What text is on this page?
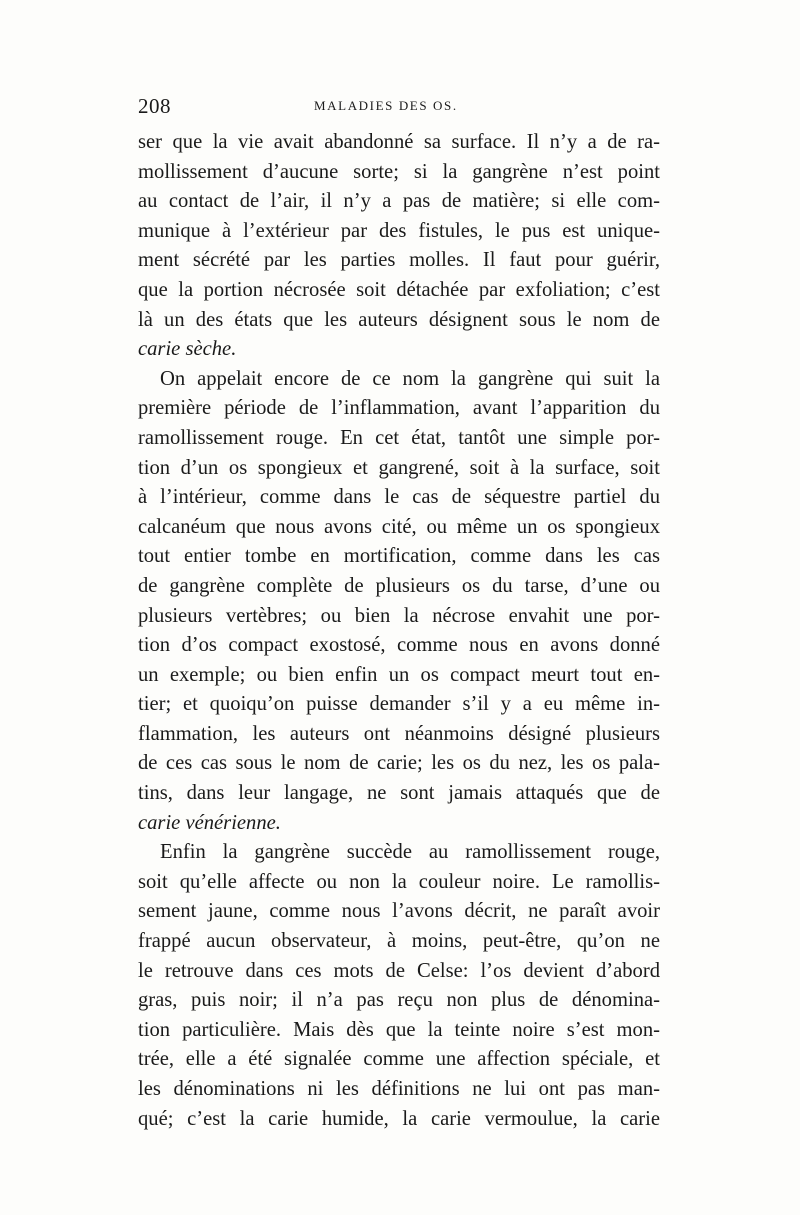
208	MALADIES DES OS.

ser que la vie avait abandonné sa surface. Il n’y a de ra-
mollissement d’aucune sorte; si la gangrène n’est point
au contact de l’air, il n’y a pas de matière; si elle com-
munique à l’extérieur par des fistules, le pus est unique-
ment sécrété par les parties molles. Il faut pour guérir,
que la portion nécrosée soit détachée par exfoliation; c’est
là un des états que les auteurs désignent sous le nom de
carie sèche.

On appelait encore de ce nom la gangrène qui suit la
première période de l’inflammation, avant l’apparition du
ramollissement rouge. En cet état, tantôt une simple por-
tion d’un os spongieux et gangrené, soit à la surface, soit
à l’intérieur, comme dans le cas de séquestre partiel du
calcanéum que nous avons cité, ou même un os spongieux
tout entier tombe en mortification, comme dans les cas
de gangrène complète de plusieurs os du tarse, d’une ou
plusieurs vertèbres; ou bien la nécrose envahit une por-
tion d’os compact exostosé, comme nous en avons donné
un exemple; ou bien enfin un os compact meurt tout en-
tier; et quoiqu’on puisse demander s’il y a eu même in-
flammation, les auteurs ont néanmoins désigné plusieurs
de ces cas sous le nom de carie; les os du nez, les os pala-
tins, dans leur langage, ne sont jamais attaqués que de
carie vénérienne.

Enfin la gangrène succède au ramollissement rouge,
soit qu’elle affecte ou non la couleur noire. Le ramollis-
sement jaune, comme nous l’avons décrit, ne paraît avoir
frappé aucun observateur, à moins, peut-être, qu’on ne
le retrouve dans ces mots de Celse: l’os devient d’abord
gras, puis noir; il n’a pas reçu non plus de dénomina-
tion particulière. Mais dès que la teinte noire s’est mon-
trée, elle a été signalée comme une affection spéciale, et
les dénominations ni les définitions ne lui ont pas man-
qué; c’est la carie humide, la carie vermoulue, la carie
